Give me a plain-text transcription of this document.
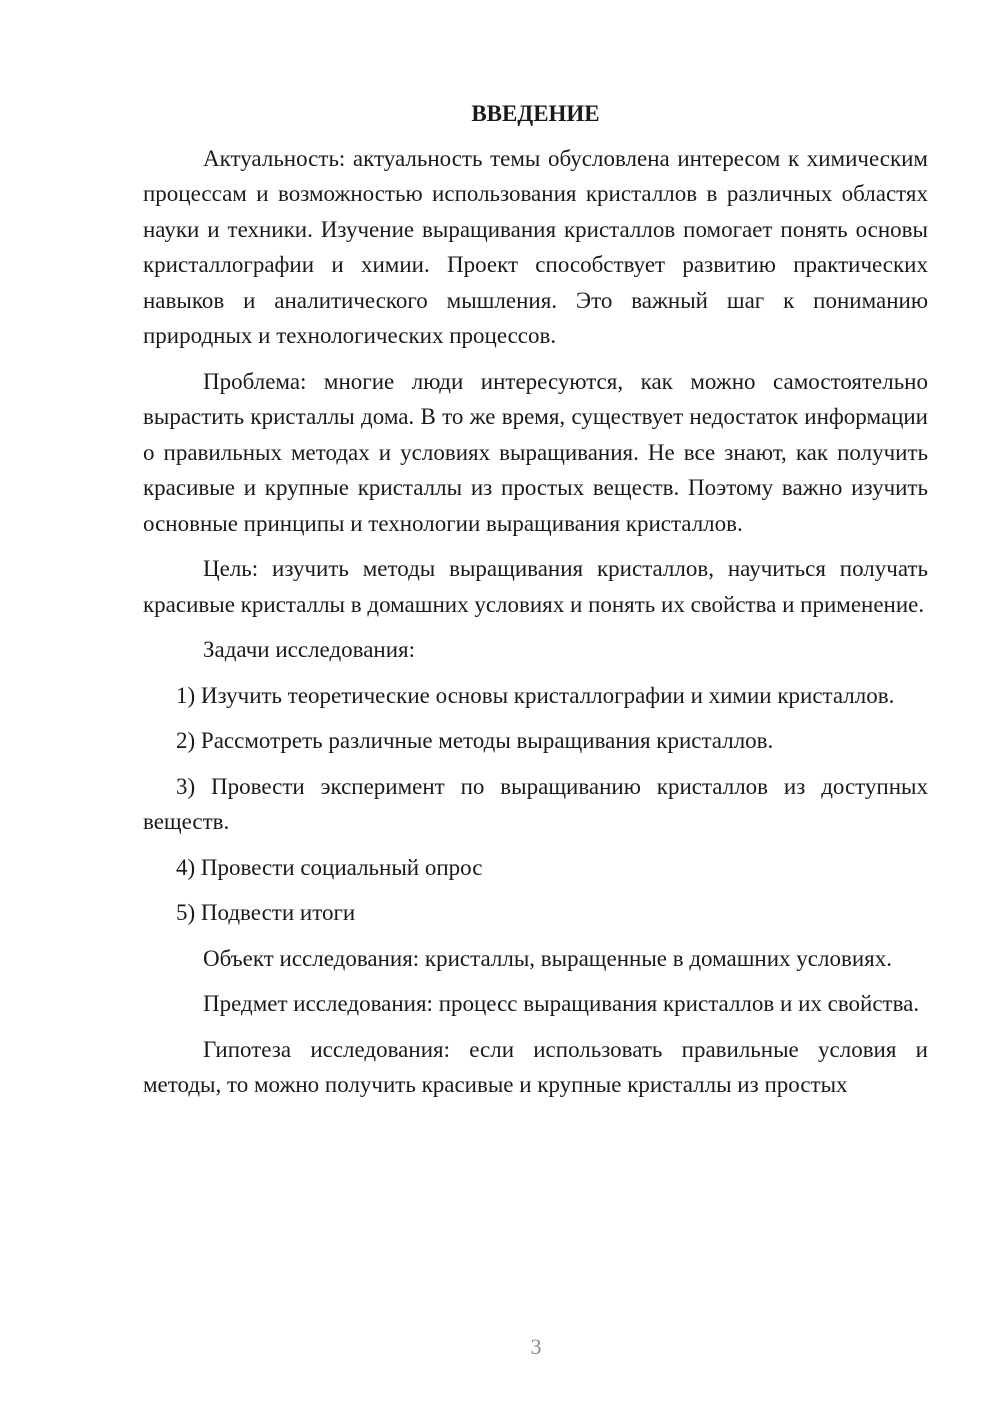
ВВЕДЕНИЕ

Актуальность: актуальность темы обусловлена интересом к химическим процессам и возможностью использования кристаллов в различных областях науки и техники. Изучение выращивания кристаллов помогает понять основы кристаллографии и химии. Проект способствует развитию практических навыков и аналитического мышления. Это важный шаг к пониманию природных и технологических процессов.

Проблема: многие люди интересуются, как можно самостоятельно вырастить кристаллы дома. В то же время, существует недостаток информации о правильных методах и условиях выращивания. Не все знают, как получить красивые и крупные кристаллы из простых веществ. Поэтому важно изучить основные принципы и технологии выращивания кристаллов.

Цель: изучить методы выращивания кристаллов, научиться получать красивые кристаллы в домашних условиях и понять их свойства и применение.

Задачи исследования:

1) Изучить теоретические основы кристаллографии и химии кристаллов.

2) Рассмотреть различные методы выращивания кристаллов.

3) Провести эксперимент по выращиванию кристаллов из доступных веществ.

4) Провести социальный опрос

5) Подвести итоги

Объект исследования: кристаллы, выращенные в домашних условиях.

Предмет исследования: процесс выращивания кристаллов и их свойства.

Гипотеза исследования: если использовать правильные условия и методы, то можно получить красивые и крупные кристаллы из простых

3
